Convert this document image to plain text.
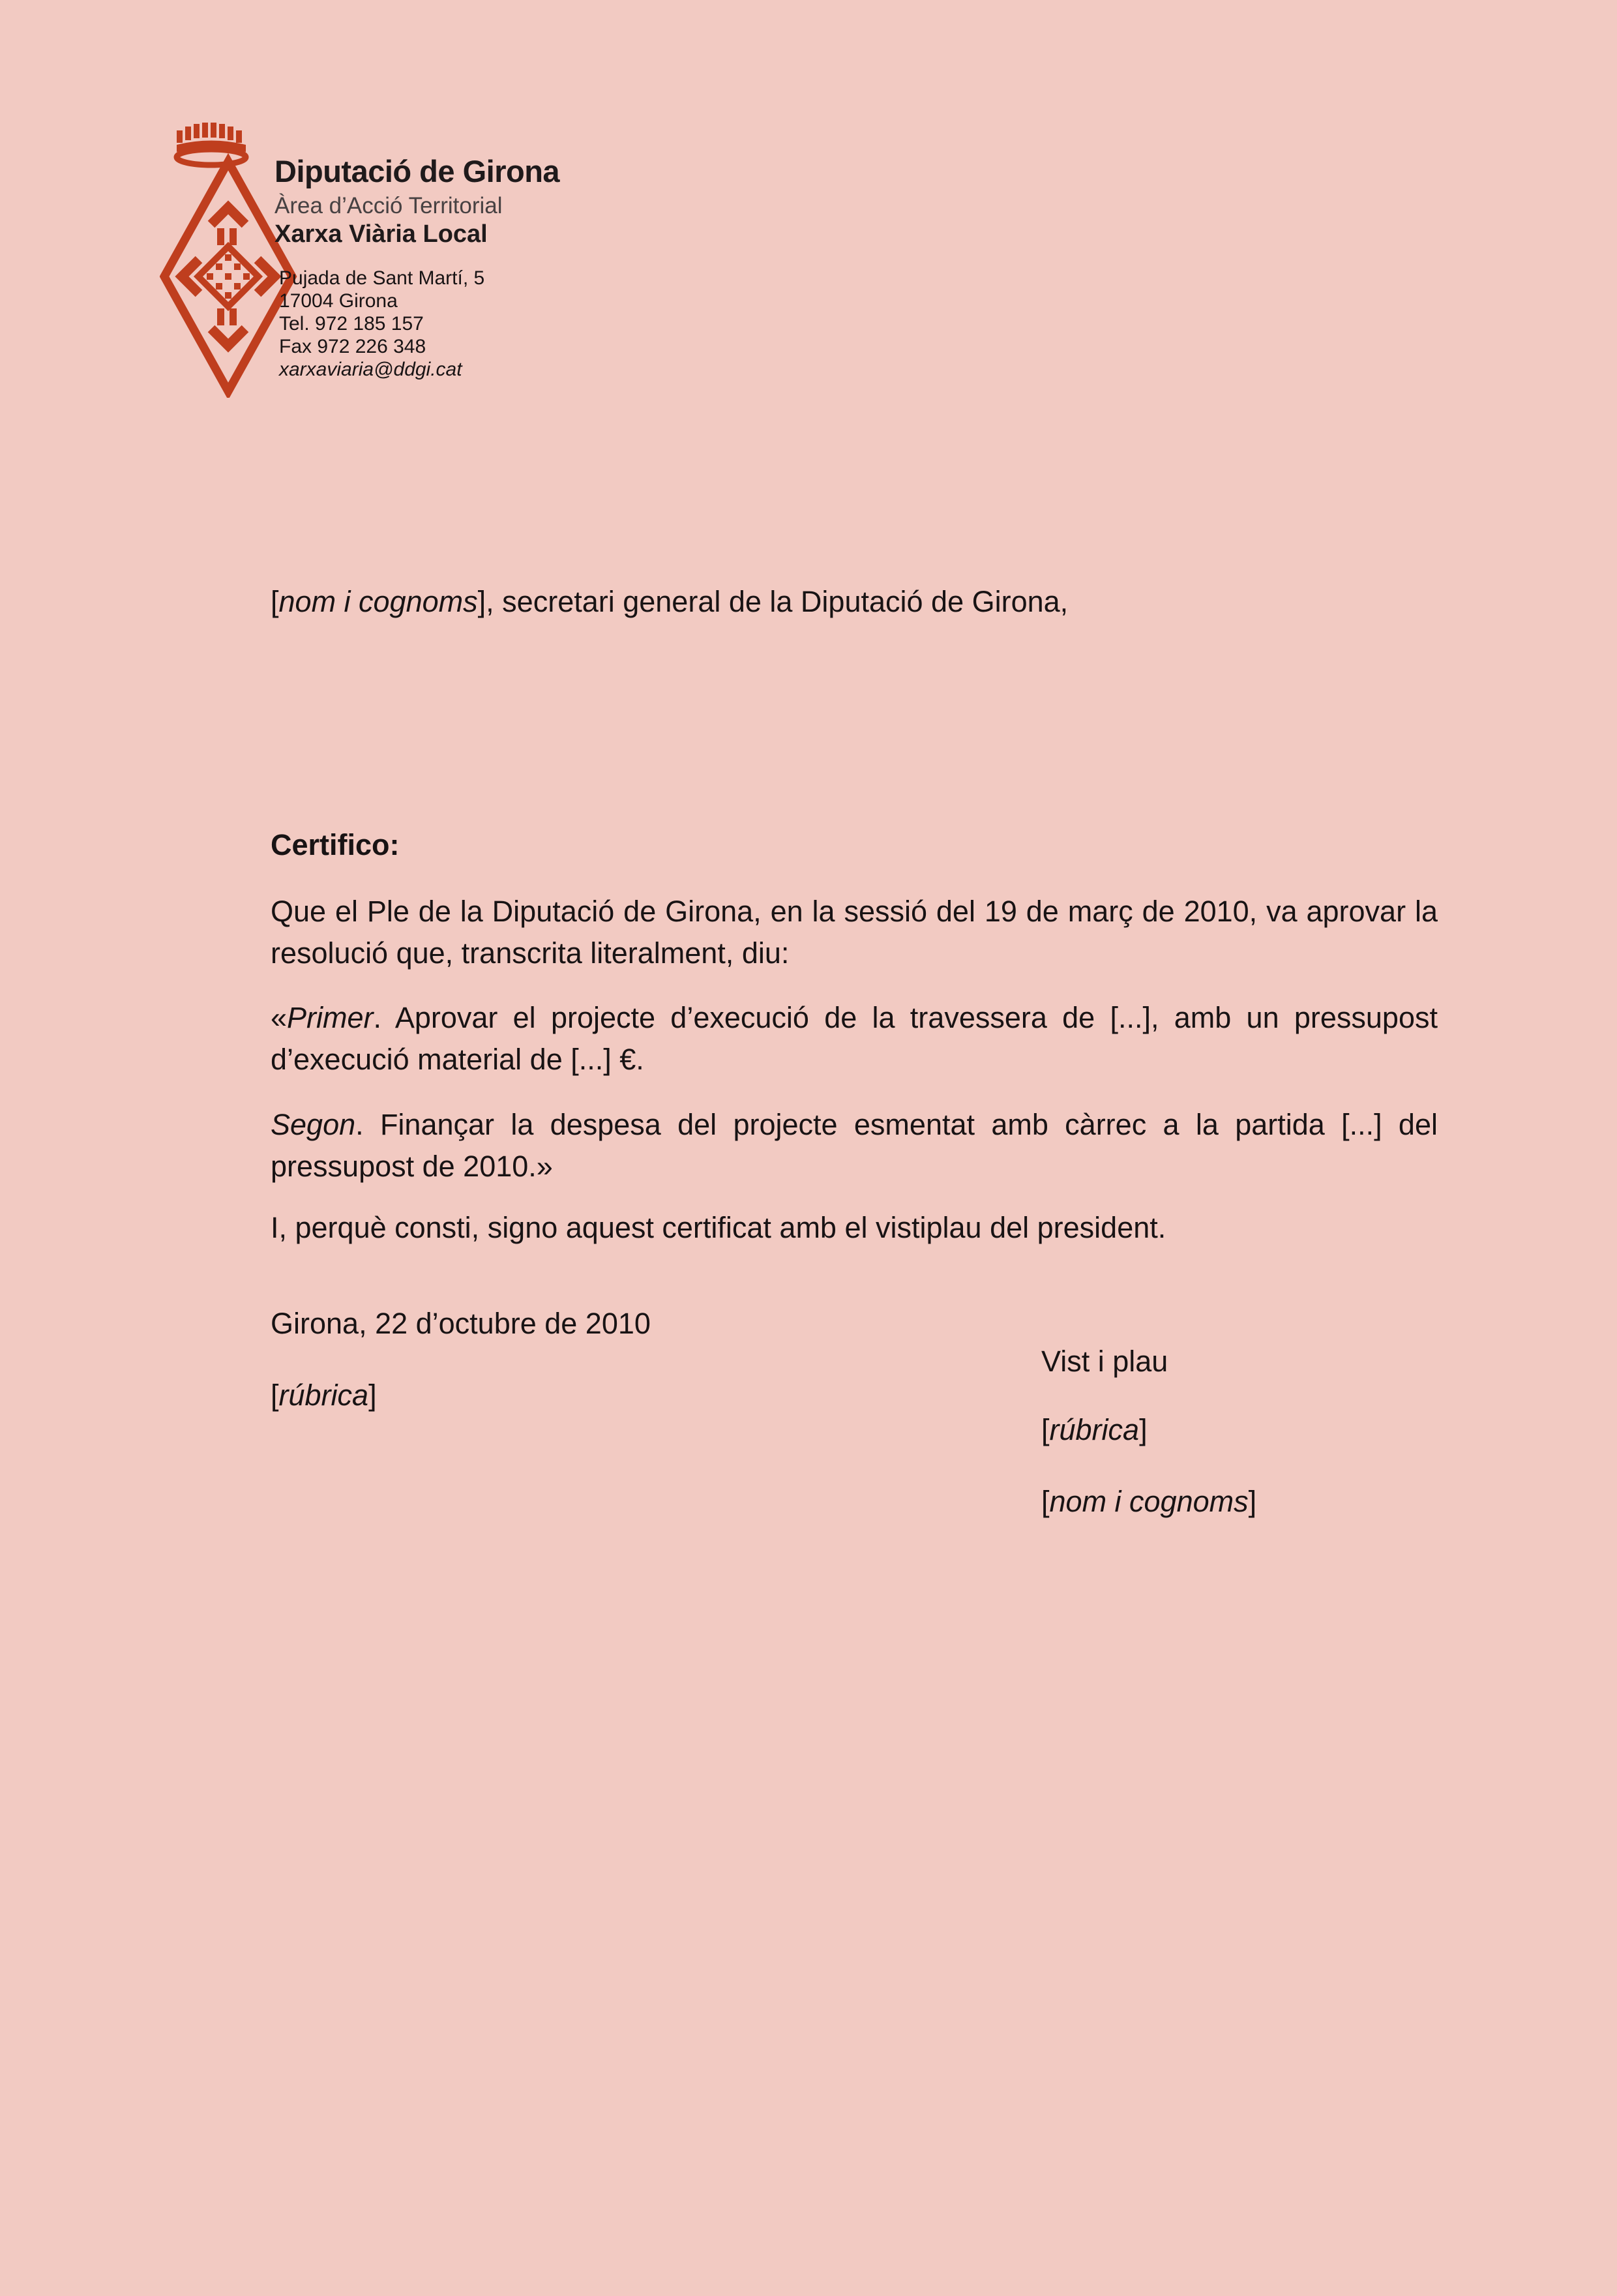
Diputació de Girona
Àrea d’Acció Territorial
Xarxa Viària Local
Pujada de Sant Martí, 5
17004 Girona
Tel. 972 185 157
Fax 972 226 348
xarxaviaria@ddgi.cat
[nom i cognoms], secretari general de la Diputació de Girona,
Certifico:
Que el Ple de la Diputació de Girona, en la sessió del 19 de març de 2010, va aprovar la resolució que, transcrita literalment, diu:
«Primer. Aprovar el projecte d’execució de la travessera de [...], amb un pressupost d’execució material de [...] €.
Segon. Finançar la despesa del projecte esmentat amb càrrec a la partida [...] del pressupost de 2010.»
I, perquè consti, signo aquest certificat amb el vistiplau del president.
Girona, 22 d’octubre de 2010
Vist i plau
[rúbrica]
[rúbrica]
[nom i cognoms]
